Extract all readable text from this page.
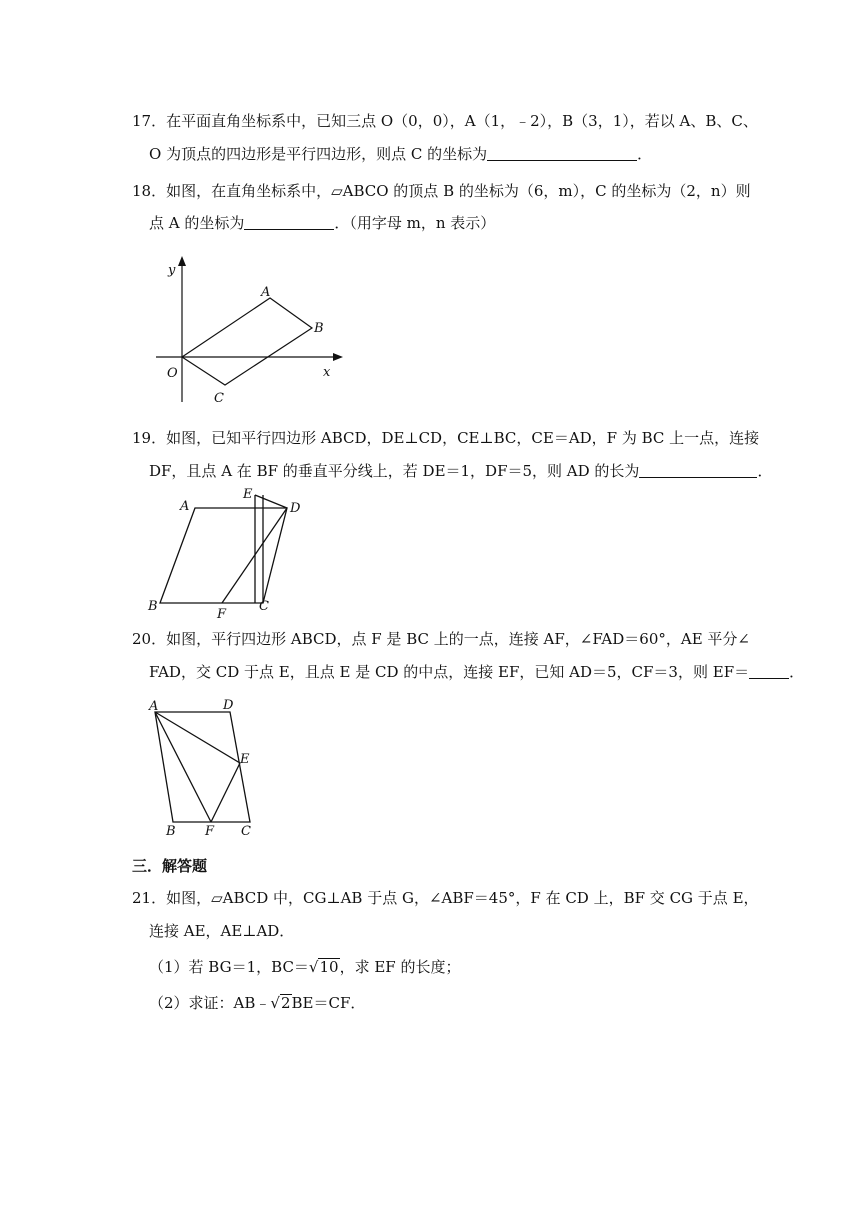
17．在平面直角坐标系中，已知三点 O（0，0），A（1，﹣2），B（3，1），若以 A、B、C、
O 为顶点的四边形是平行四边形，则点 C 的坐标为	．
18．如图，在直角坐标系中，▱ABCO 的顶点 B 的坐标为（6，m），C 的坐标为（2，n）则
点 A 的坐标为	．（用字母 m，n 表示）
y
x
O
A
B
C
19．如图，已知平行四边形 ABCD，DE⊥CD，CE⊥BC，CE＝AD，F 为 BC 上一点，连接
DF，且点 A 在 BF 的垂直平分线上，若 DE＝1，DF＝5，则 AD 的长为	．
A
E
D
B
F
C
20．如图，平行四边形 ABCD，点 F 是 BC 上的一点，连接 AF，∠FAD＝60°，AE 平分∠
FAD，交 CD 于点 E，且点 E 是 CD 的中点，连接 EF，已知 AD＝5，CF＝3，则 EF＝	．
A	D
E
B F C
三．解答题
21．如图，▱ABCD 中，CG⊥AB 于点 G，∠ABF＝45°，F 在 CD 上，BF 交 CG 于点 E，
连接 AE，AE⊥AD．
（1）若 BG＝1，BC＝√10，求 EF 的长度；
（2）求证：AB﹣√2BE＝CF．
